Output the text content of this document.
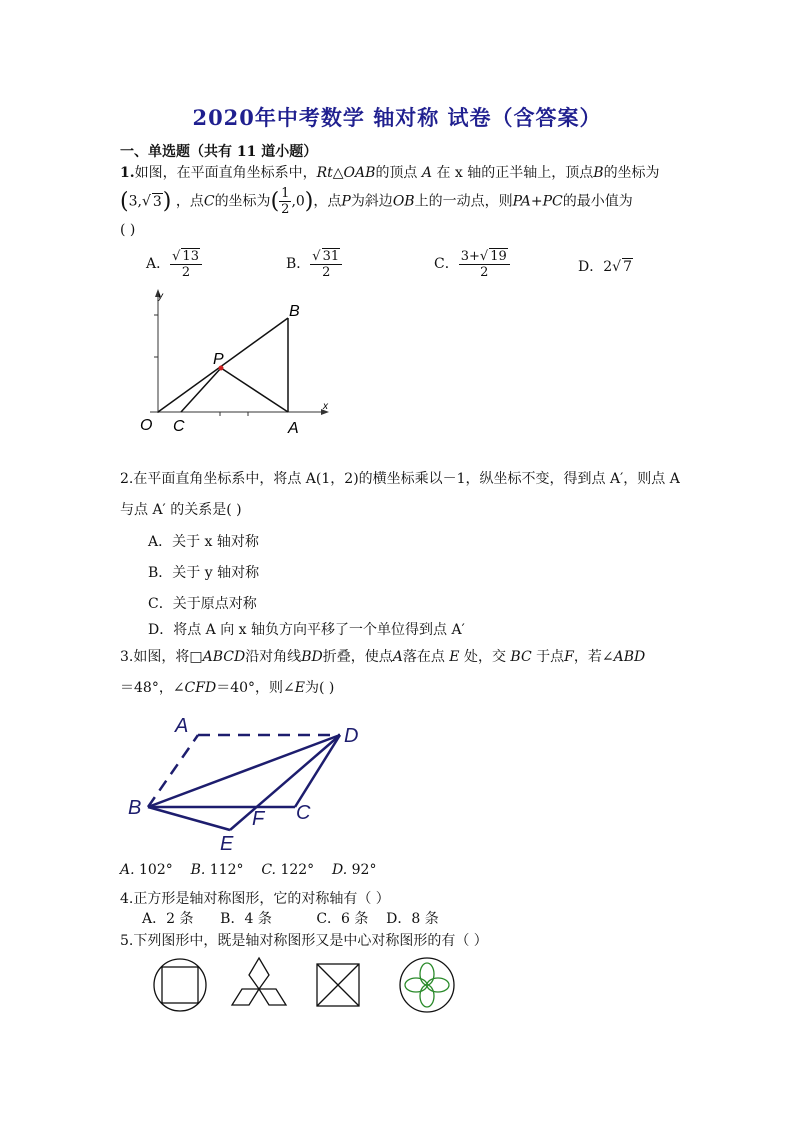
2020年中考数学 轴对称 试卷（含答案）
一、单选题（共有 11 道小题）
1.如图，在平面直角坐标系中，Rt△OAB的顶点 A 在 x 轴的正半轴上，顶点B的坐标为
(3,√ 3) ，点C的坐标为( $\frac{1}{2} ,0$)，点P为斜边OB上的一动点，则PA+PC的最小值为
( )
A． $\frac{√ 13}{2}$	B． $\frac{√ 31}{2}$	C． $\frac{3+√ 19}{2}$	D．2√ 7
y
x
O C	A
P
B
2.在平面直角坐标系中，将点 A(1，2)的横坐标乘以－1，纵坐标不变，得到点 A′，则点 A
与点 A′ 的关系是( )
A．关于 x 轴对称
B．关于 y 轴对称
C．关于原点对称
D．将点 A 向 x 轴负方向平移了一个单位得到点 A′
3.如图，将□ABCD沿对角线BD折叠，使点A落在点 E 处，交 BC 于点F，若∠ABD
＝48°，∠CFD＝40°，则∠E为( )
A	D
B	F C
E
A. 102° B. 112° C. 122° D. 92°
4.正方形是轴对称图形，它的对称轴有（ ）
A．2 条      B．4 条          C．6 条    D．8 条
5.下列图形中，既是轴对称图形又是中心对称图形的有（ ）
